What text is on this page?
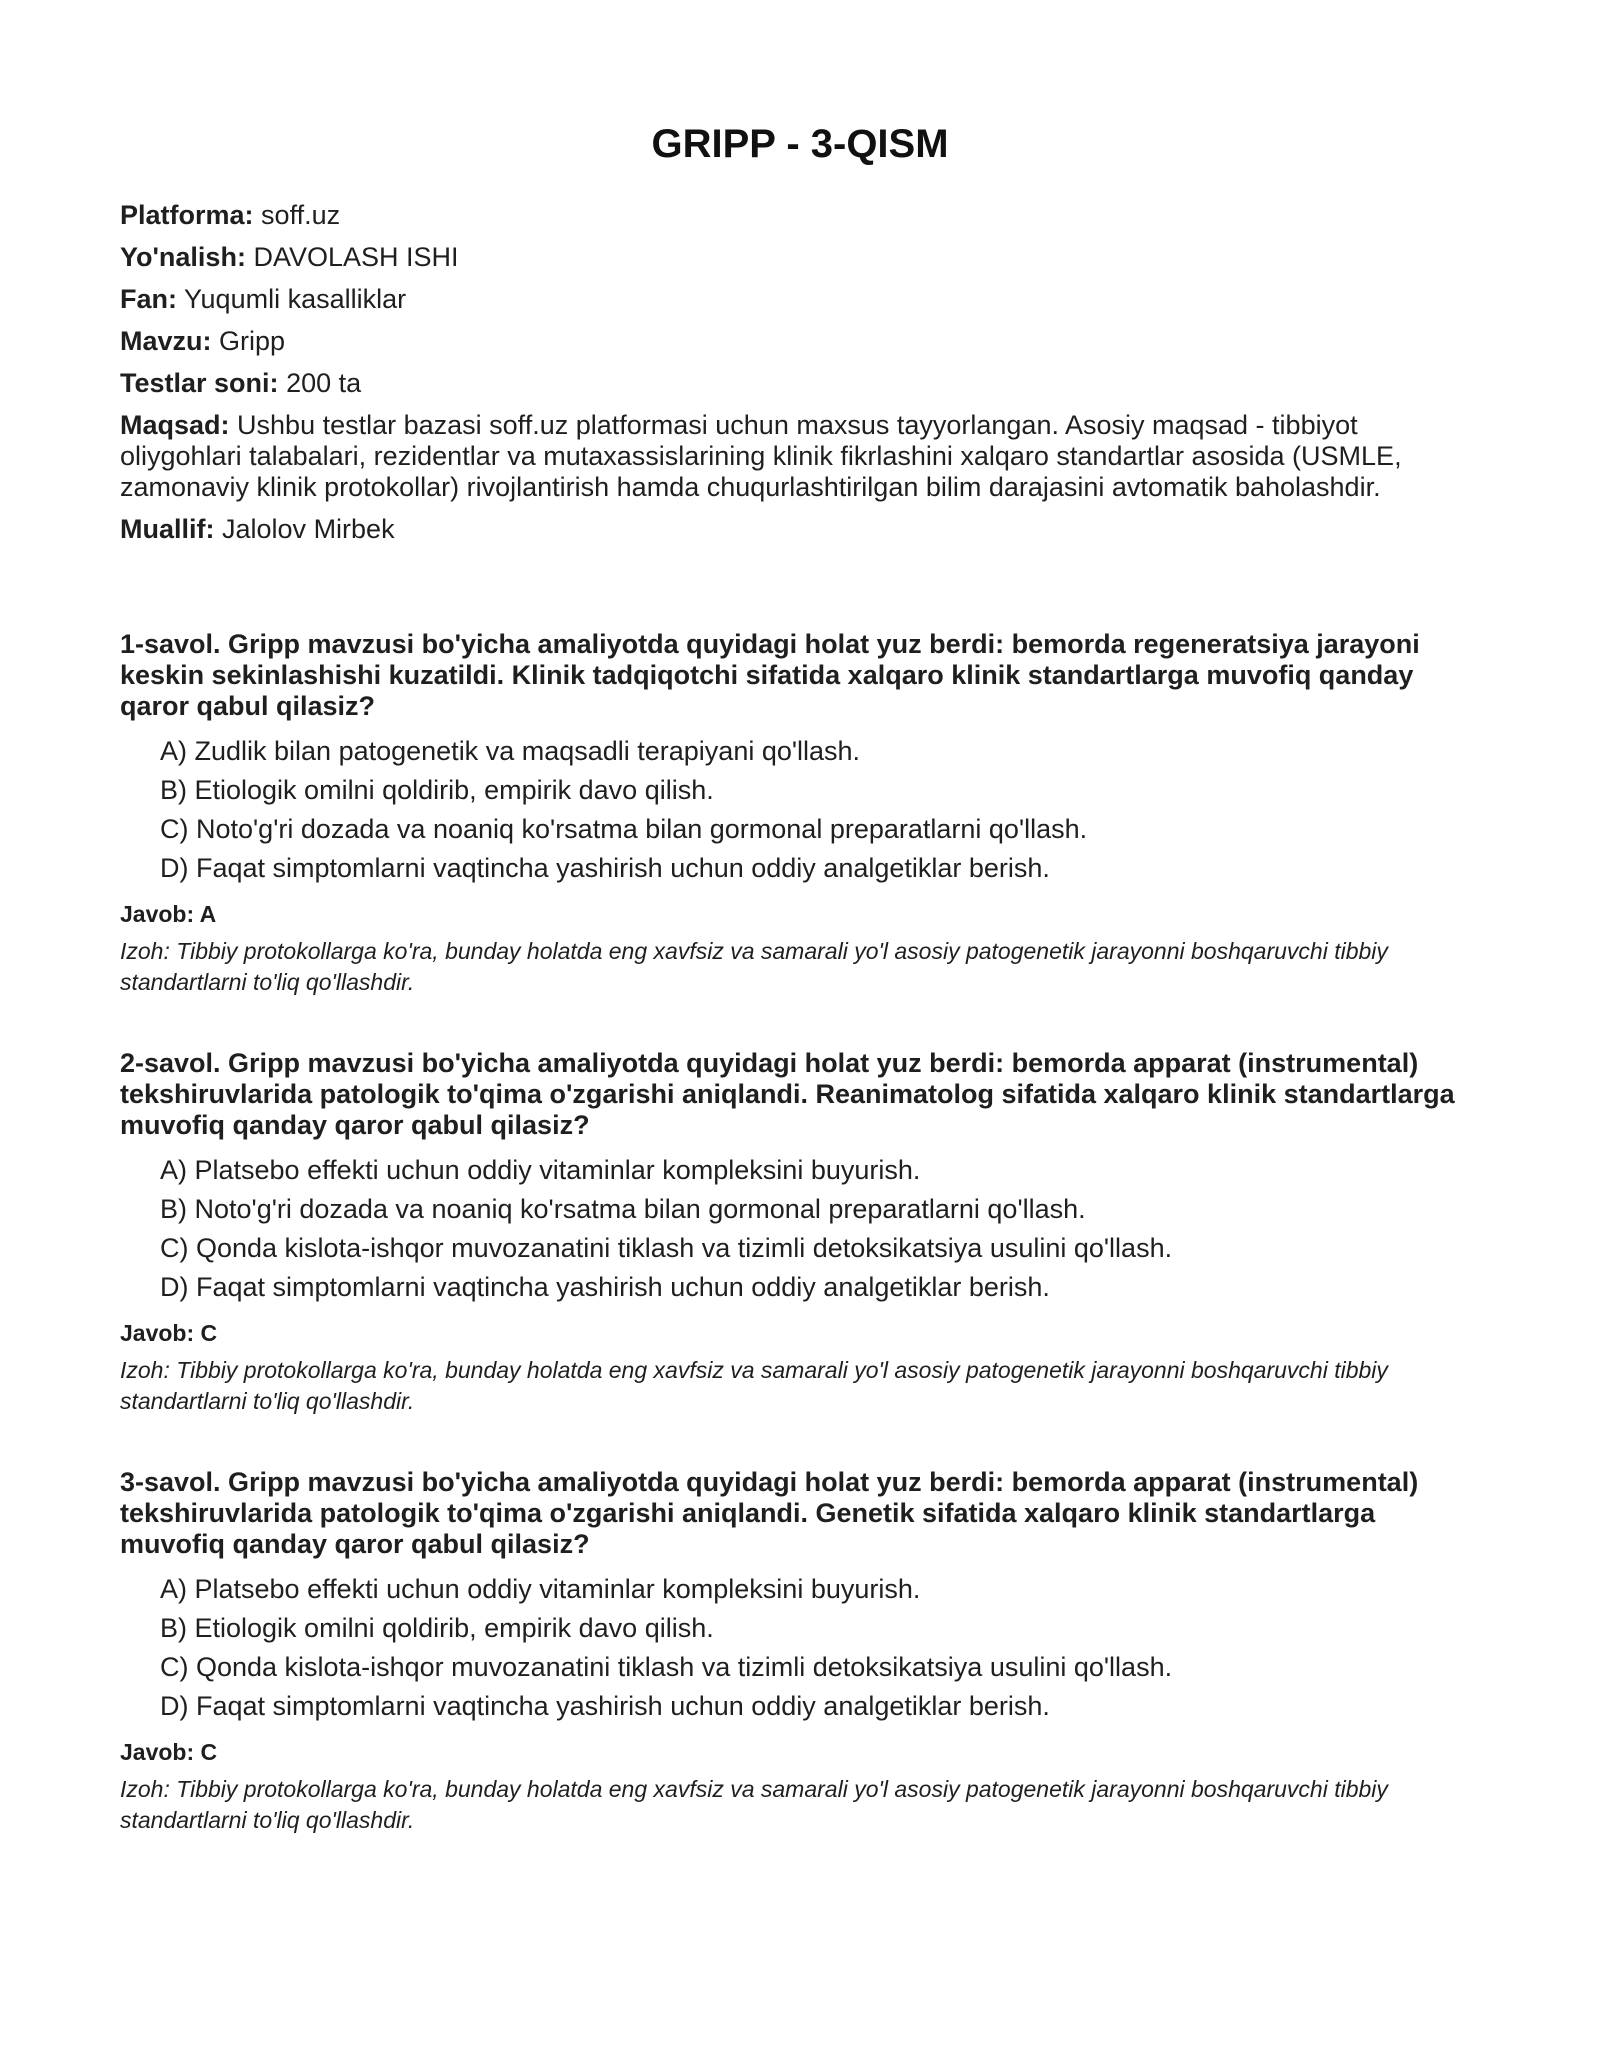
GRIPP - 3-QISM

Platforma: soff.uz

Yo'nalish: DAVOLASH ISHI

Fan: Yuqumli kasalliklar

Mavzu: Gripp

Testlar soni: 200 ta

Maqsad: Ushbu testlar bazasi soff.uz platformasi uchun maxsus tayyorlangan. Asosiy maqsad - tibbiyot oliygohlari talabalari, rezidentlar va mutaxassislarining klinik fikrlashini xalqaro standartlar asosida (USMLE, zamonaviy klinik protokollar) rivojlantirish hamda chuqurlashtirilgan bilim darajasini avtomatik baholashdir.

Muallif: Jalolov Mirbek

1-savol. Gripp mavzusi bo'yicha amaliyotda quyidagi holat yuz berdi: bemorda regeneratsiya jarayoni keskin sekinlashishi kuzatildi. Klinik tadqiqotchi sifatida xalqaro klinik standartlarga muvofiq qanday qaror qabul qilasiz?

A) Zudlik bilan patogenetik va maqsadli terapiyani qo'llash.
B) Etiologik omilni qoldirib, empirik davo qilish.
C) Noto'g'ri dozada va noaniq ko'rsatma bilan gormonal preparatlarni qo'llash.
D) Faqat simptomlarni vaqtincha yashirish uchun oddiy analgetiklar berish.

Javob: A

Izoh: Tibbiy protokollarga ko'ra, bunday holatda eng xavfsiz va samarali yo'l asosiy patogenetik jarayonni boshqaruvchi tibbiy standartlarni to'liq qo'llashdir.

2-savol. Gripp mavzusi bo'yicha amaliyotda quyidagi holat yuz berdi: bemorda apparat (instrumental) tekshiruvlarida patologik to'qima o'zgarishi aniqlandi. Reanimatolog sifatida xalqaro klinik standartlarga muvofiq qanday qaror qabul qilasiz?

A) Platsebo effekti uchun oddiy vitaminlar kompleksini buyurish.
B) Noto'g'ri dozada va noaniq ko'rsatma bilan gormonal preparatlarni qo'llash.
C) Qonda kislota-ishqor muvozanatini tiklash va tizimli detoksikatsiya usulini qo'llash.
D) Faqat simptomlarni vaqtincha yashirish uchun oddiy analgetiklar berish.

Javob: C

Izoh: Tibbiy protokollarga ko'ra, bunday holatda eng xavfsiz va samarali yo'l asosiy patogenetik jarayonni boshqaruvchi tibbiy standartlarni to'liq qo'llashdir.

3-savol. Gripp mavzusi bo'yicha amaliyotda quyidagi holat yuz berdi: bemorda apparat (instrumental) tekshiruvlarida patologik to'qima o'zgarishi aniqlandi. Genetik sifatida xalqaro klinik standartlarga muvofiq qanday qaror qabul qilasiz?

A) Platsebo effekti uchun oddiy vitaminlar kompleksini buyurish.
B) Etiologik omilni qoldirib, empirik davo qilish.
C) Qonda kislota-ishqor muvozanatini tiklash va tizimli detoksikatsiya usulini qo'llash.
D) Faqat simptomlarni vaqtincha yashirish uchun oddiy analgetiklar berish.

Javob: C

Izoh: Tibbiy protokollarga ko'ra, bunday holatda eng xavfsiz va samarali yo'l asosiy patogenetik jarayonni boshqaruvchi tibbiy standartlarni to'liq qo'llashdir.
